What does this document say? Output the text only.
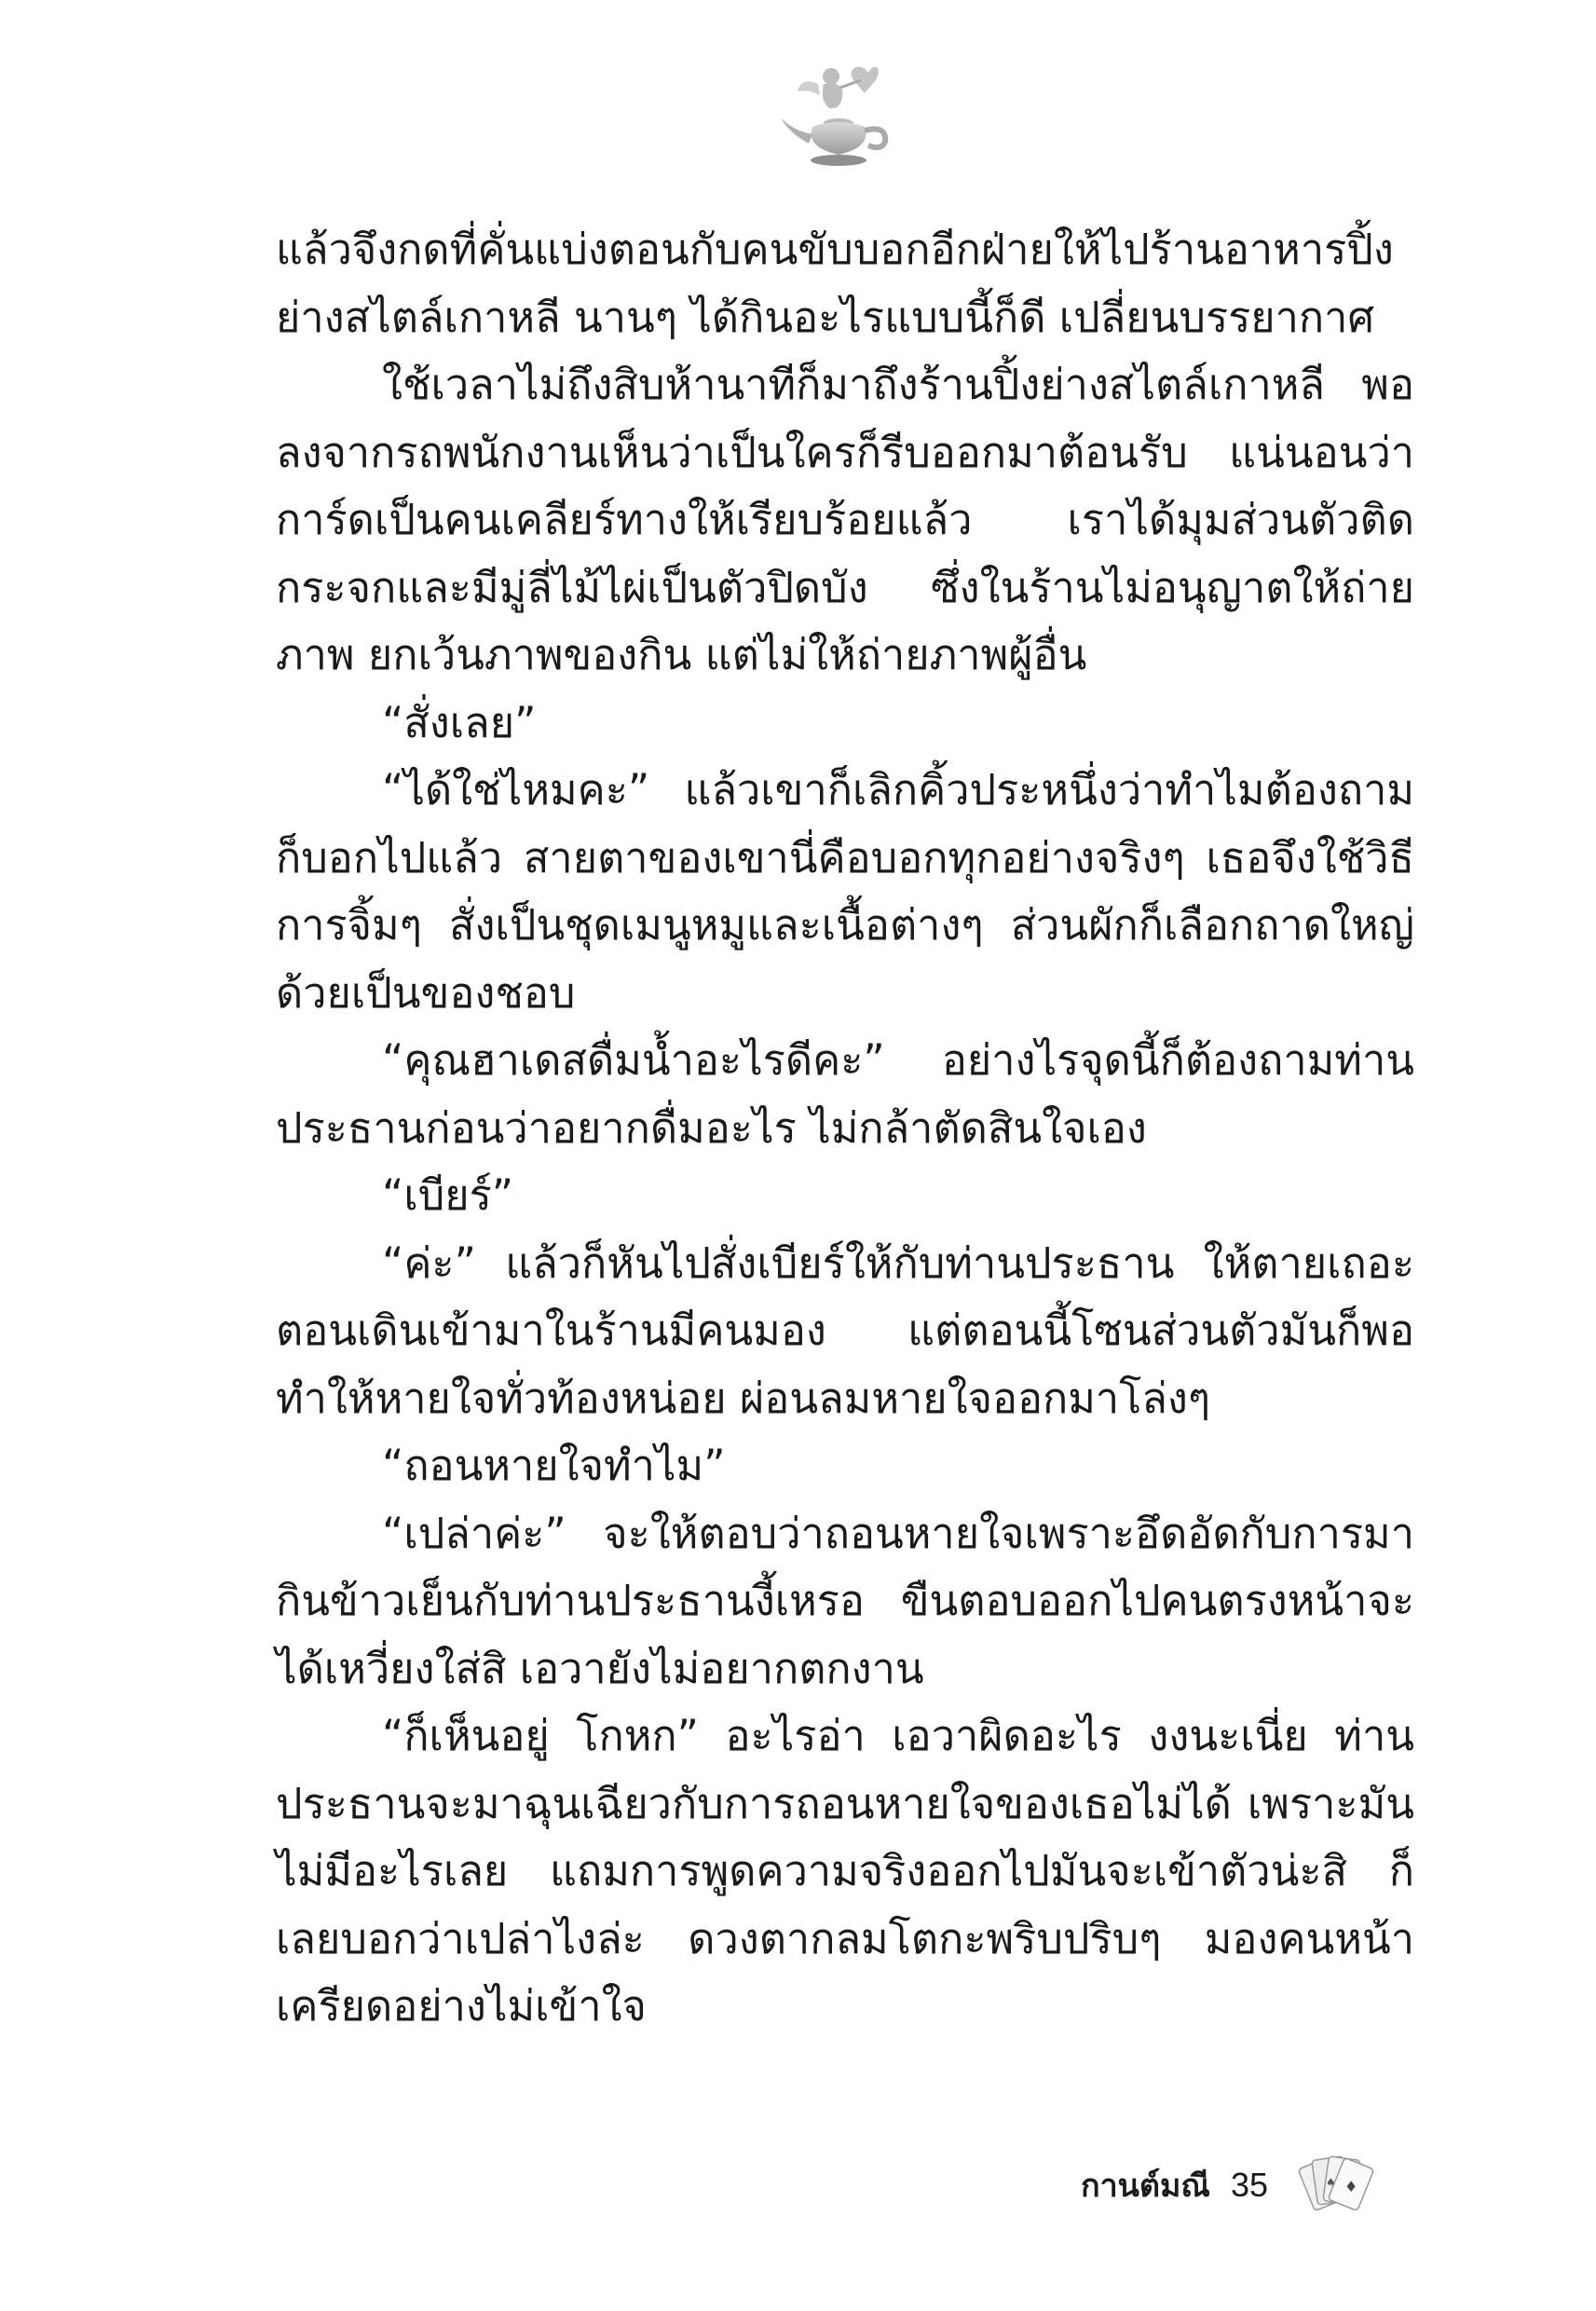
แล้วจึงกดที่คั่นแบ่งตอนกับคนขับบอกอีกฝ่ายให้ไปร้านอาหารปิ้งย่างสไตล์เกาหลี นานๆ ได้กินอะไรแบบนี้ก็ดี เปลี่ยนบรรยากาศ

ใช้เวลาไม่ถึงสิบห้านาทีก็มาถึงร้านปิ้งย่างสไตล์เกาหลี พอลงจากรถพนักงานเห็นว่าเป็นใครก็รีบออกมาต้อนรับ แน่นอนว่าการ์ดเป็นคนเคลียร์ทางให้เรียบร้อยแล้ว เราได้มุมส่วนตัวติดกระจกและมีมู่ลี่ไม้ไผ่เป็นตัวปิดบัง ซึ่งในร้านไม่อนุญาตให้ถ่ายภาพ ยกเว้นภาพของกิน แต่ไม่ให้ถ่ายภาพผู้อื่น

“สั่งเลย”

“ได้ใช่ไหมคะ” แล้วเขาก็เลิกคิ้วประหนึ่งว่าทำไมต้องถาม ก็บอกไปแล้ว สายตาของเขานี่คือบอกทุกอย่างจริงๆ เธอจึงใช้วิธีการจิ้มๆ สั่งเป็นชุดเมนูหมูและเนื้อต่างๆ ส่วนผักก็เลือกถาดใหญ่ด้วยเป็นของชอบ

“คุณฮาเดสดื่มน้ำอะไรดีคะ” อย่างไรจุดนี้ก็ต้องถามท่านประธานก่อนว่าอยากดื่มอะไร ไม่กล้าตัดสินใจเอง

“เบียร์”

“ค่ะ” แล้วก็หันไปสั่งเบียร์ให้กับท่านประธาน ให้ตายเถอะ ตอนเดินเข้ามาในร้านมีคนมอง แต่ตอนนี้โซนส่วนตัวมันก็พอทำให้หายใจทั่วท้องหน่อย ผ่อนลมหายใจออกมาโล่งๆ

“ถอนหายใจทำไม”

“เปล่าค่ะ” จะให้ตอบว่าถอนหายใจเพราะอึดอัดกับการมากินข้าวเย็นกับท่านประธานงี้เหรอ ขืนตอบออกไปคนตรงหน้าจะได้เหวี่ยงใส่สิ เอวายังไม่อยากตกงาน

“ก็เห็นอยู่ โกหก” อะไรอ่า เอวาผิดอะไร งงนะเนี่ย ท่านประธานจะมาฉุนเฉียวกับการถอนหายใจของเธอไม่ได้ เพราะมันไม่มีอะไรเลย แถมการพูดความจริงออกไปมันจะเข้าตัวน่ะสิ ก็เลยบอกว่าเปล่าไงล่ะ ดวงตากลมโตกะพริบปริบๆ มองคนหน้าเครียดอย่างไม่เข้าใจ

กานต์มณี 35	♦
♠
